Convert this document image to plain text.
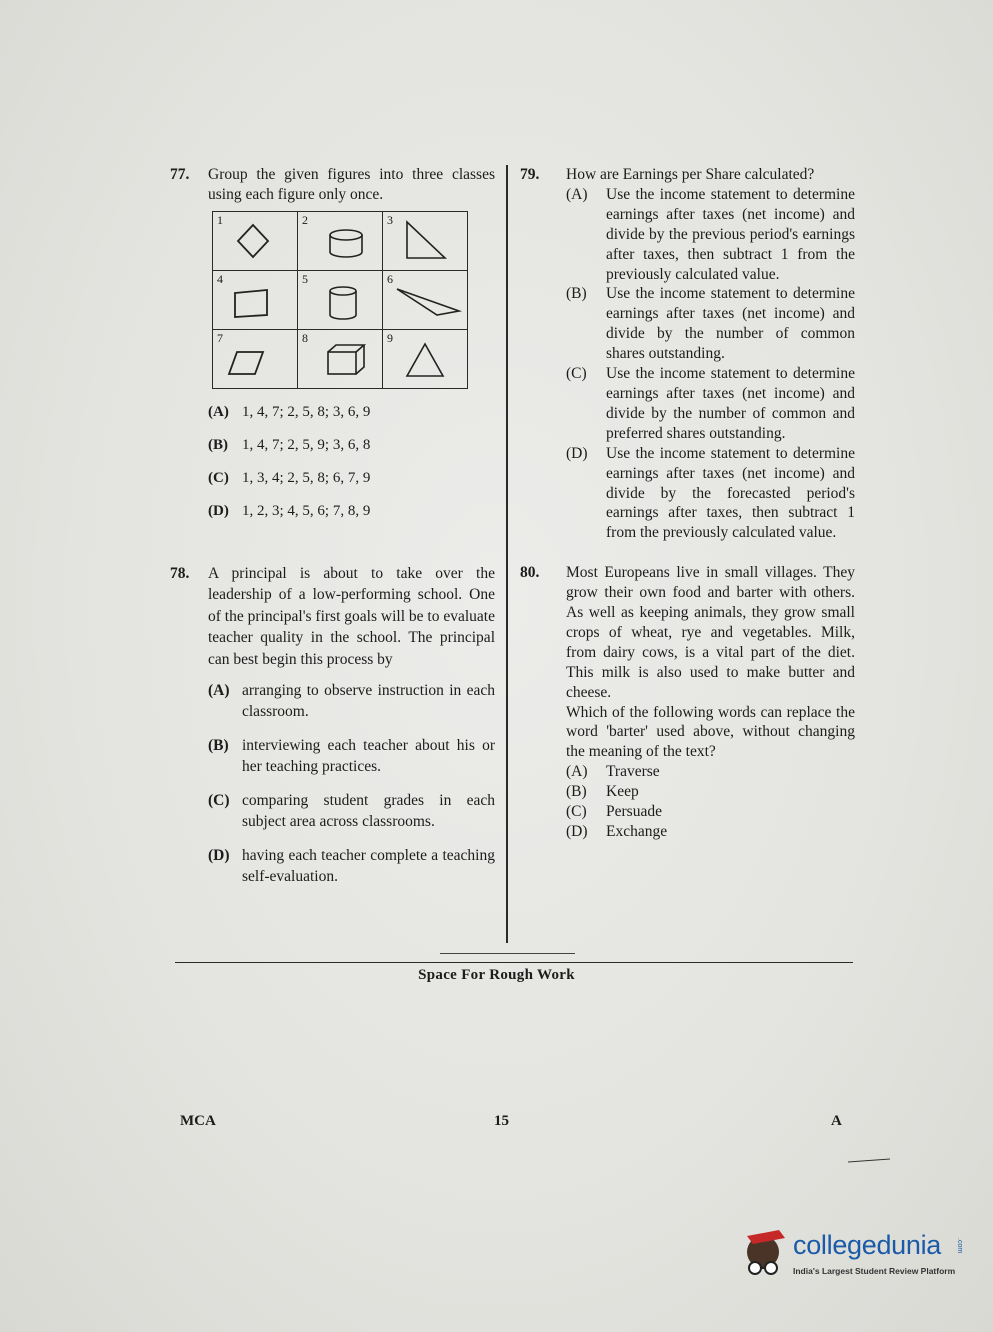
77. Group the given figures into three classes using each figure only once.
1	2	3

4	5	6

7	8	9
(A) 1, 4, 7; 2, 5, 8; 3, 6, 9
(B) 1, 4, 7; 2, 5, 9; 3, 6, 8
(C) 1, 3, 4; 2, 5, 8; 6, 7, 9
(D) 1, 2, 3; 4, 5, 6; 7, 8, 9
78. A principal is about to take over the leadership of a low-performing school. One of the principal's first goals will be to evaluate teacher quality in the school. The principal can best begin this process by
(A) arranging to observe instruction in each classroom.
(B) interviewing each teacher about his or her teaching practices.
(C) comparing student grades in each subject area across classrooms.
(D) having each teacher complete a teaching self-evaluation.
79. How are Earnings per Share calculated?
(A) Use the income statement to determine earnings after taxes (net income) and divide by the previous period's earnings after taxes, then subtract 1 from the previously calculated value.
(B) Use the income statement to determine earnings after taxes (net income) and divide by the number of common shares outstanding.
(C) Use the income statement to determine earnings after taxes (net income) and divide by the number of common and preferred shares outstanding.
(D) Use the income statement to determine earnings after taxes (net income) and divide by the forecasted period's earnings after taxes, then subtract 1 from the previously calculated value.
80. Most Europeans live in small villages. They grow their own food and barter with others. As well as keeping animals, they grow small crops of wheat, rye and vegetables. Milk, from dairy cows, is a vital part of the diet. This milk is also used to make butter and cheese.
Which of the following words can replace the word 'barter' used above, without changing the meaning of the text?
(A) Traverse
(B) Keep
(C) Persuade
(D) Exchange
Space For Rough Work
MCA	15	A
collegedunia .com
India's Largest Student Review Platform
